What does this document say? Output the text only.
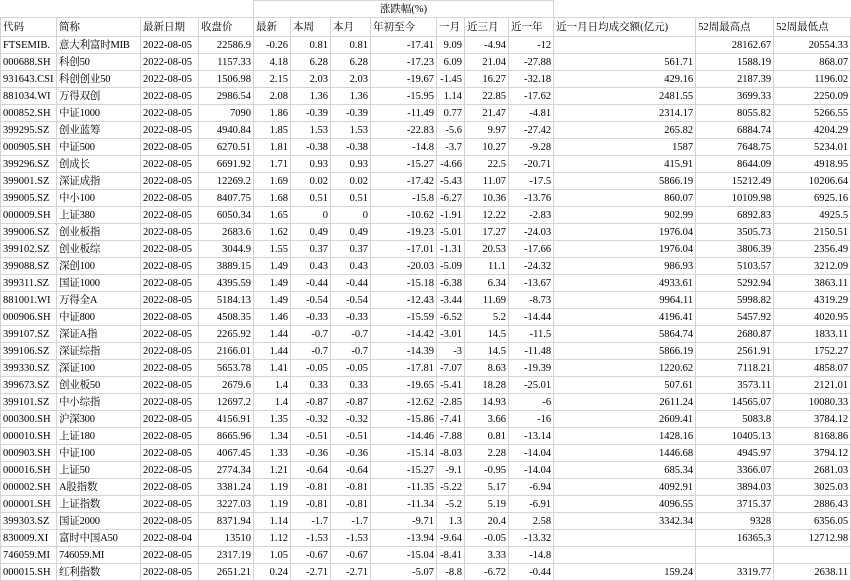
				涨跌幅(%)									
代码	简称	最新日期	收盘价	最新	本周	本月	年初至今	一月	近三月	近一年	近一月日均成交额(亿元)	52周最高点	52周最低点
FTSEMIB.	意大利富时MIB	2022-08-05	22586.9	-0.26	0.81	0.81	-17.41	9.09	-4.94	-12		28162.67	20554.33
000688.SH	科创50	2022-08-05	1157.33	4.18	6.28	6.28	-17.23	6.09	21.04	-27.88	561.71	1588.19	868.07
931643.CSI	科创创业50	2022-08-05	1506.98	2.15	2.03	2.03	-19.67	-1.45	16.27	-32.18	429.16	2187.39	1196.02
881034.WI	万得双创	2022-08-05	2986.54	2.08	1.36	1.36	-15.95	1.14	22.85	-17.62	2481.55	3699.33	2250.09
000852.SH	中证1000	2022-08-05	7090	1.86	-0.39	-0.39	-11.49	0.77	21.47	-4.81	2314.17	8055.82	5266.55
399295.SZ	创业蓝筹	2022-08-05	4940.84	1.85	1.53	1.53	-22.83	-5.6	9.97	-27.42	265.82	6884.74	4204.29
000905.SH	中证500	2022-08-05	6270.51	1.81	-0.38	-0.38	-14.8	-3.7	10.27	-9.28	1587	7648.75	5234.01
399296.SZ	创成长	2022-08-05	6691.92	1.71	0.93	0.93	-15.27	-4.66	22.5	-20.71	415.91	8644.09	4918.95
399001.SZ	深证成指	2022-08-05	12269.2	1.69	0.02	0.02	-17.42	-5.43	11.07	-17.5	5866.19	15212.49	10206.64
399005.SZ	中小100	2022-08-05	8407.75	1.68	0.51	0.51	-15.8	-6.27	10.36	-13.76	860.07	10109.98	6925.16
000009.SH	上证380	2022-08-05	6050.34	1.65	0	0	-10.62	-1.91	12.22	-2.83	902.99	6892.83	4925.5
399006.SZ	创业板指	2022-08-05	2683.6	1.62	0.49	0.49	-19.23	-5.01	17.27	-24.03	1976.04	3505.73	2150.51
399102.SZ	创业板综	2022-08-05	3044.9	1.55	0.37	0.37	-17.01	-1.31	20.53	-17.66	1976.04	3806.39	2356.49
399088.SZ	深创100	2022-08-05	3889.15	1.49	0.43	0.43	-20.03	-5.09	11.1	-24.32	986.93	5103.57	3212.09
399311.SZ	国证1000	2022-08-05	4395.59	1.49	-0.44	-0.44	-15.18	-6.38	6.34	-13.67	4933.61	5292.94	3863.11
881001.WI	万得全A	2022-08-05	5184.13	1.49	-0.54	-0.54	-12.43	-3.44	11.69	-8.73	9964.11	5998.82	4319.29
000906.SH	中证800	2022-08-05	4508.35	1.46	-0.33	-0.33	-15.59	-6.52	5.2	-14.44	4196.41	5457.92	4020.95
399107.SZ	深证A指	2022-08-05	2265.92	1.44	-0.7	-0.7	-14.42	-3.01	14.5	-11.5	5864.74	2680.87	1833.11
399106.SZ	深证综指	2022-08-05	2166.01	1.44	-0.7	-0.7	-14.39	-3	14.5	-11.48	5866.19	2561.91	1752.27
399330.SZ	深证100	2022-08-05	5653.78	1.41	-0.05	-0.05	-17.81	-7.07	8.63	-19.39	1220.62	7118.21	4858.07
399673.SZ	创业板50	2022-08-05	2679.6	1.4	0.33	0.33	-19.65	-5.41	18.28	-25.01	507.61	3573.11	2121.01
399101.SZ	中小综指	2022-08-05	12697.2	1.4	-0.87	-0.87	-12.62	-2.85	14.93	-6	2611.24	14565.07	10080.33
000300.SH	沪深300	2022-08-05	4156.91	1.35	-0.32	-0.32	-15.86	-7.41	3.66	-16	2609.41	5083.8	3784.12
000010.SH	上证180	2022-08-05	8665.96	1.34	-0.51	-0.51	-14.46	-7.88	0.81	-13.14	1428.16	10405.13	8168.86
000903.SH	中证100	2022-08-05	4067.45	1.33	-0.36	-0.36	-15.14	-8.03	2.28	-14.04	1446.68	4945.97	3794.12
000016.SH	上证50	2022-08-05	2774.34	1.21	-0.64	-0.64	-15.27	-9.1	-0.95	-14.04	685.34	3366.07	2681.03
000002.SH	A股指数	2022-08-05	3381.24	1.19	-0.81	-0.81	-11.35	-5.22	5.17	-6.94	4092.91	3894.03	3025.03
000001.SH	上证指数	2022-08-05	3227.03	1.19	-0.81	-0.81	-11.34	-5.2	5.19	-6.91	4096.55	3715.37	2886.43
399303.SZ	国证2000	2022-08-05	8371.94	1.14	-1.7	-1.7	-9.71	1.3	20.4	2.58	3342.34	9328	6356.05
830009.XI	富时中国A50	2022-08-04	13510	1.12	-1.53	-1.53	-13.94	-9.64	-0.05	-13.32		16365.3	12712.98
746059.MI	746059.MI	2022-08-05	2317.19	1.05	-0.67	-0.67	-15.04	-8.41	3.33	-14.8			
000015.SH	红利指数	2022-08-05	2651.21	0.24	-2.71	-2.71	-5.07	-8.8	-6.72	-0.44	159.24	3319.77	2638.11
